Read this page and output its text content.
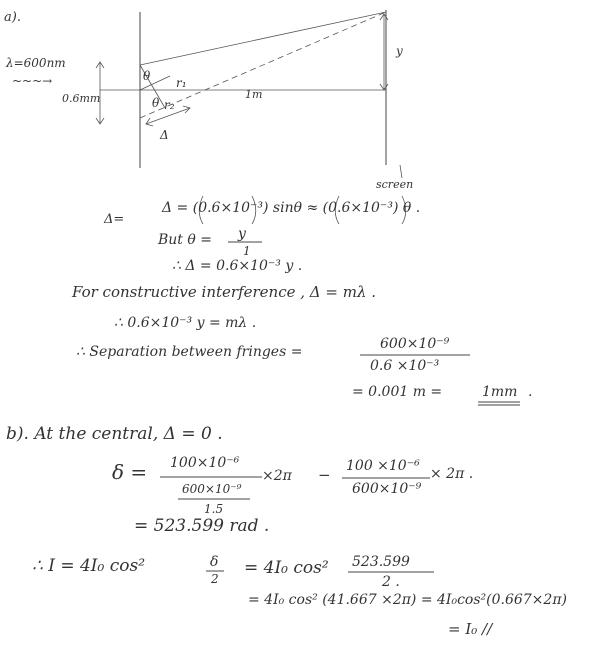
a).
λ=600nm
~~~→
0.6mm
θ
θ
r₁
r₂
1m
Δ
y
screen
Δ=
Δ = (0.6×10⁻³) sinθ ≈ (0.6×10⁻³) θ .
But θ = y
1
∴ Δ = 0.6×10⁻³ y .
For constructive interference , Δ = mλ .
∴ 0.6×10⁻³ y = mλ .
∴ Separation between fringes =	600×10⁻⁹
0.6 ×10⁻³
= 0.001 m =	1mm .
b). At the central, Δ = 0 .
δ = 100×10⁻⁶
600×10⁻⁹
1.5
×2π − 100 ×10⁻⁶
600×10⁻⁹
× 2π .
= 523.599 rad .
∴ I = 4I₀ cos²	δ
2
= 4I₀ cos² 523.599
2 .
= 4I₀ cos² (41.667 ×2π) = 4I₀cos²(0.667×2π)
= I₀ //
